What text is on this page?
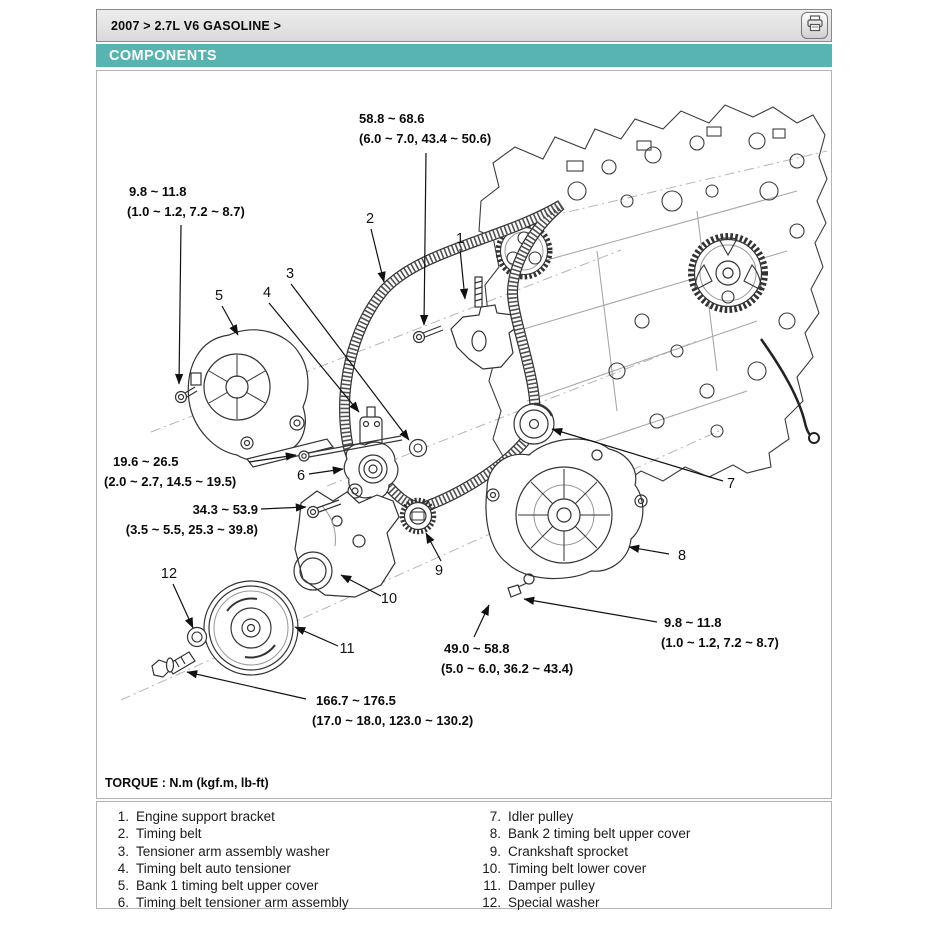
2007 > 2.7L V6 GASOLINE >
COMPONENTS
58.8 ~ 68.6
(6.0 ~ 7.0, 43.4 ~ 50.6)
9.8 ~ 11.8
(1.0 ~ 1.2, 7.2 ~ 8.7)
19.6 ~ 26.5
(2.0 ~ 2.7, 14.5 ~ 19.5)
34.3 ~ 53.9
(3.5 ~ 5.5, 25.3 ~ 39.8)
49.0 ~ 58.8
(5.0 ~ 6.0, 36.2 ~ 43.4)
166.7 ~ 176.5
(17.0 ~ 18.0, 123.0 ~ 130.2)
9.8 ~ 11.8
(1.0 ~ 1.2, 7.2 ~ 8.7)
1
2
3
4
5
6	7
8
9
10
11
12
TORQUE : N.m (kgf.m, lb-ft)
1. Engine support bracket
2. Timing belt
3. Tensioner arm assembly washer
4. Timing belt auto tensioner
5. Bank 1 timing belt upper cover
6. Timing belt tensioner arm assembly
7. Idler pulley
8. Bank 2 timing belt upper cover
9. Crankshaft sprocket
10. Timing belt lower cover
11. Damper pulley
12. Special washer
